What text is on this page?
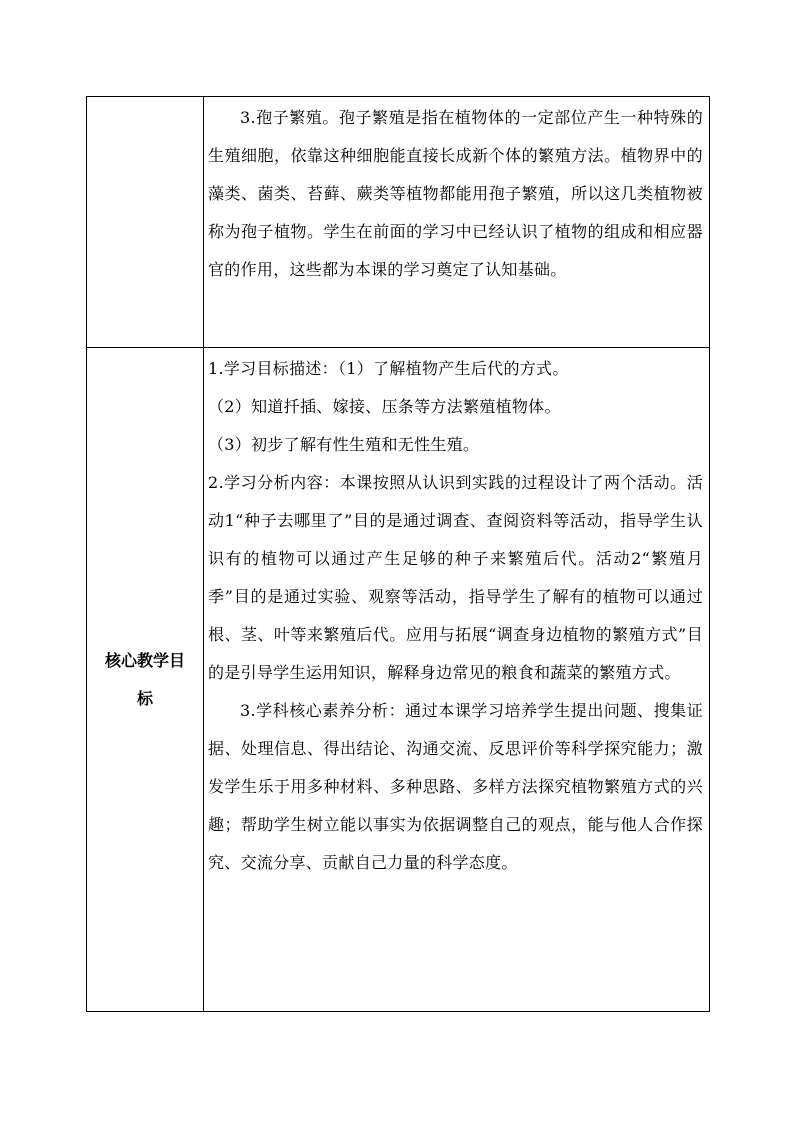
	3.孢子繁殖。孢子繁殖是指在植物体的一定部位产生一种特殊的生殖细胞，依靠这种细胞能直接长成新个体的繁殖方法。植物界中的藻类、菌类、苔藓、蕨类等植物都能用孢子繁殖，所以这几类植物被称为孢子植物。学生在前面的学习中已经认识了植物的组成和相应器官的作用，这些都为本课的学习奠定了认知基础。

核心教学目标	1.学习目标描述：（1）了解植物产生后代的方式。

（2）知道扦插、嫁接、压条等方法繁殖植物体。

（3）初步了解有性生殖和无性生殖。

2.学习分析内容：本课按照从认识到实践的过程设计了两个活动。活动1“种子去哪里了”目的是通过调查、查阅资料等活动，指导学生认识有的植物可以通过产生足够的种子来繁殖后代。活动2“繁殖月季”目的是通过实验、观察等活动，指导学生了解有的植物可以通过根、茎、叶等来繁殖后代。应用与拓展“调查身边植物的繁殖方式”目的是引导学生运用知识，解释身边常见的粮食和蔬菜的繁殖方式。

3.学科核心素养分析：通过本课学习培养学生提出问题、搜集证据、处理信息、得出结论、沟通交流、反思评价等科学探究能力；激发学生乐于用多种材料、多种思路、多样方法探究植物繁殖方式的兴趣；帮助学生树立能以事实为依据调整自己的观点，能与他人合作探究、交流分享、贡献自己力量的科学态度。
